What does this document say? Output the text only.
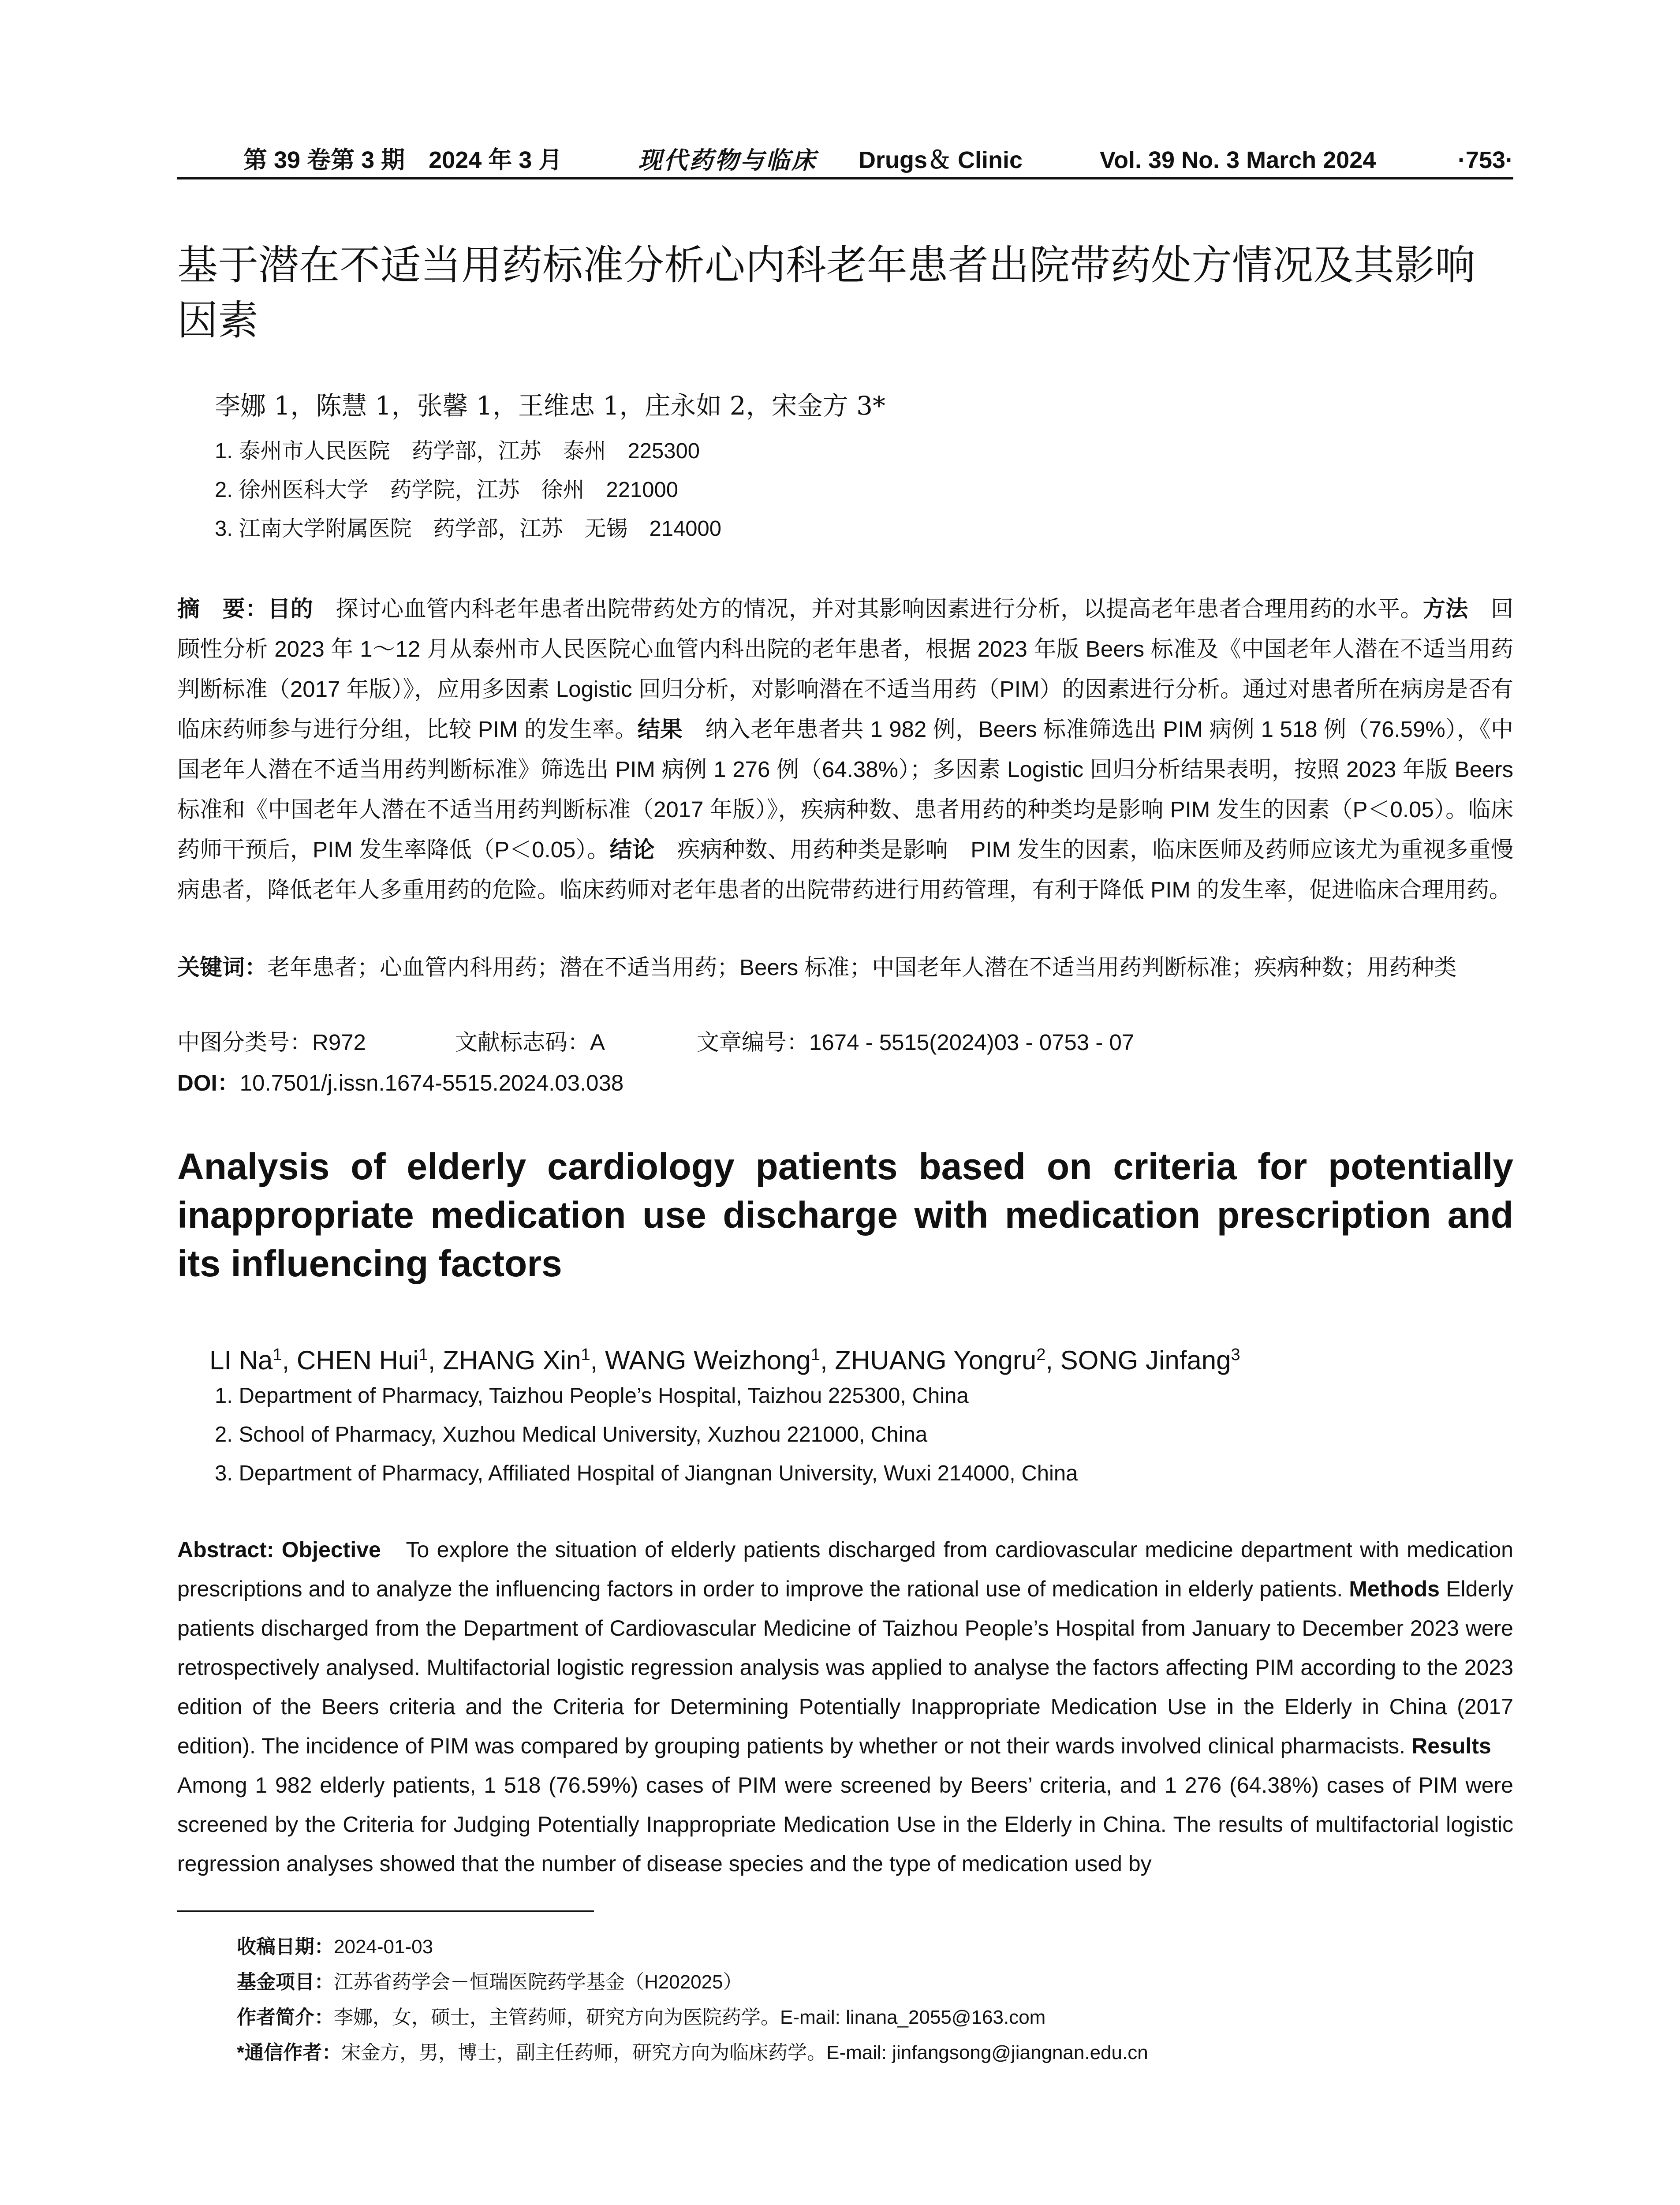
第 39 卷第 3 期　2024 年 3 月	现代药物与临床 Drugs＆ Clinic	Vol. 39 No. 3 March 2024	·753·
基于潜在不适当用药标准分析心内科老年患者出院带药处方情况及其影响因素
李娜 1，陈慧 1，张馨 1，王维忠 1，庄永如 2，宋金方 3*
1. 泰州市人民医院　药学部，江苏　泰州　225300
2. 徐州医科大学　药学院，江苏　徐州　221000
3. 江南大学附属医院　药学部，江苏　无锡　214000

摘　要：目的　探讨心血管内科老年患者出院带药处方的情况，并对其影响因素进行分析，以提高老年患者合理用药的水平。方法　回顾性分析 2023 年 1～12 月从泰州市人民医院心血管内科出院的老年患者，根据 2023 年版 Beers 标准及《中国老年人潜在不适当用药判断标准（2017 年版）》，应用多因素 Logistic 回归分析，对影响潜在不适当用药（PIM）的因素进行分析。通过对患者所在病房是否有临床药师参与进行分组，比较 PIM 的发生率。结果　纳入老年患者共 1 982 例，Beers 标准筛选出 PIM 病例 1 518 例（76.59%），《中国老年人潜在不适当用药判断标准》筛选出 PIM 病例 1 276 例（64.38%）；多因素 Logistic 回归分析结果表明，按照 2023 年版 Beers 标准和《中国老年人潜在不适当用药判断标准（2017 年版）》，疾病种数、患者用药的种类均是影响 PIM 发生的因素（P＜0.05）。临床药师干预后，PIM 发生率降低（P＜0.05）。结论　疾病种数、用药种类是影响　PIM 发生的因素，临床医师及药师应该尤为重视多重慢病患者，降低老年人多重用药的危险。临床药师对老年患者的出院带药进行用药管理，有利于降低 PIM 的发生率，促进临床合理用药。

关键词：老年患者；心血管内科用药；潜在不适当用药；Beers 标准；中国老年人潜在不适当用药判断标准；疾病种数；用药种类

中图分类号：R972	文献标志码：A	文章编号：1674 - 5515(2024)03 - 0753 - 07
DOI：10.7501/j.issn.1674-5515.2024.03.038
Analysis of elderly cardiology patients based on criteria for potentially inappropriate medication use discharge with medication prescription and its influencing factors
LI Na$^1$, CHEN Hui$^1$, ZHANG Xin$^1$, WANG Weizhong$^1$, ZHUANG Yongru$^2$, SONG Jinfang$^3$
1. Department of Pharmacy, Taizhou People’s Hospital, Taizhou 225300, China
2. School of Pharmacy, Xuzhou Medical University, Xuzhou 221000, China
3. Department of Pharmacy, Affiliated Hospital of Jiangnan University, Wuxi 214000, China

Abstract: Objective　To explore the situation of elderly patients discharged from cardiovascular medicine department with medication prescriptions and to analyze the influencing factors in order to improve the rational use of medication in elderly patients. Methods Elderly patients discharged from the Department of Cardiovascular Medicine of Taizhou People’s Hospital from January to December 2023 were retrospectively analysed. Multifactorial logistic regression analysis was applied to analyse the factors affecting PIM according to the 2023 edition of the Beers criteria and the Criteria for Determining Potentially Inappropriate Medication Use in the Elderly in China (2017 edition). The incidence of PIM was compared by grouping patients by whether or not their wards involved clinical pharmacists. Results　Among 1 982 elderly patients, 1 518 (76.59%) cases of PIM were screened by Beers’ criteria, and 1 276 (64.38%) cases of PIM were screened by the Criteria for Judging Potentially Inappropriate Medication Use in the Elderly in China. The results of multifactorial logistic regression analyses showed that the number of disease species and the type of medication used by

收稿日期：2024-01-03
基金项目：江苏省药学会－恒瑞医院药学基金（H202025）
作者简介：李娜，女，硕士，主管药师，研究方向为医院药学。E-mail: linana_2055@163.com
*通信作者：宋金方，男，博士，副主任药师，研究方向为临床药学。E-mail: jinfangsong@jiangnan.edu.cn
